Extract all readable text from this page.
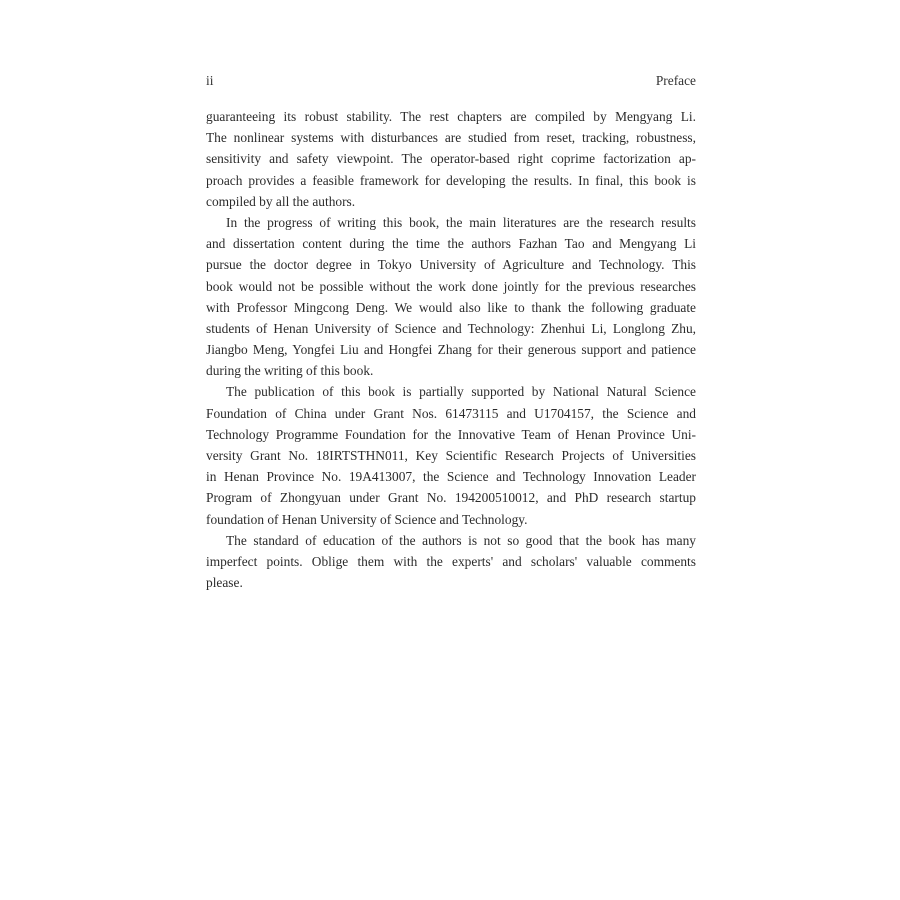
ii	Preface
guaranteeing its robust stability. The rest chapters are compiled by Mengyang Li.
The nonlinear systems with disturbances are studied from reset, tracking, robustness,
sensitivity and safety viewpoint. The operator-based right coprime factorization ap-
proach provides a feasible framework for developing the results. In final, this book is
compiled by all the authors.
In the progress of writing this book, the main literatures are the research results
and dissertation content during the time the authors Fazhan Tao and Mengyang Li
pursue the doctor degree in Tokyo University of Agriculture and Technology. This
book would not be possible without the work done jointly for the previous researches
with Professor Mingcong Deng. We would also like to thank the following graduate
students of Henan University of Science and Technology: Zhenhui Li, Longlong Zhu,
Jiangbo Meng, Yongfei Liu and Hongfei Zhang for their generous support and patience
during the writing of this book.
The publication of this book is partially supported by National Natural Science
Foundation of China under Grant Nos. 61473115 and U1704157, the Science and
Technology Programme Foundation for the Innovative Team of Henan Province Uni-
versity Grant No. 18IRTSTHN011, Key Scientific Research Projects of Universities
in Henan Province No. 19A413007, the Science and Technology Innovation Leader
Program of Zhongyuan under Grant No. 194200510012, and PhD research startup
foundation of Henan University of Science and Technology.
The standard of education of the authors is not so good that the book has many
imperfect points. Oblige them with the experts' and scholars' valuable comments
please.
